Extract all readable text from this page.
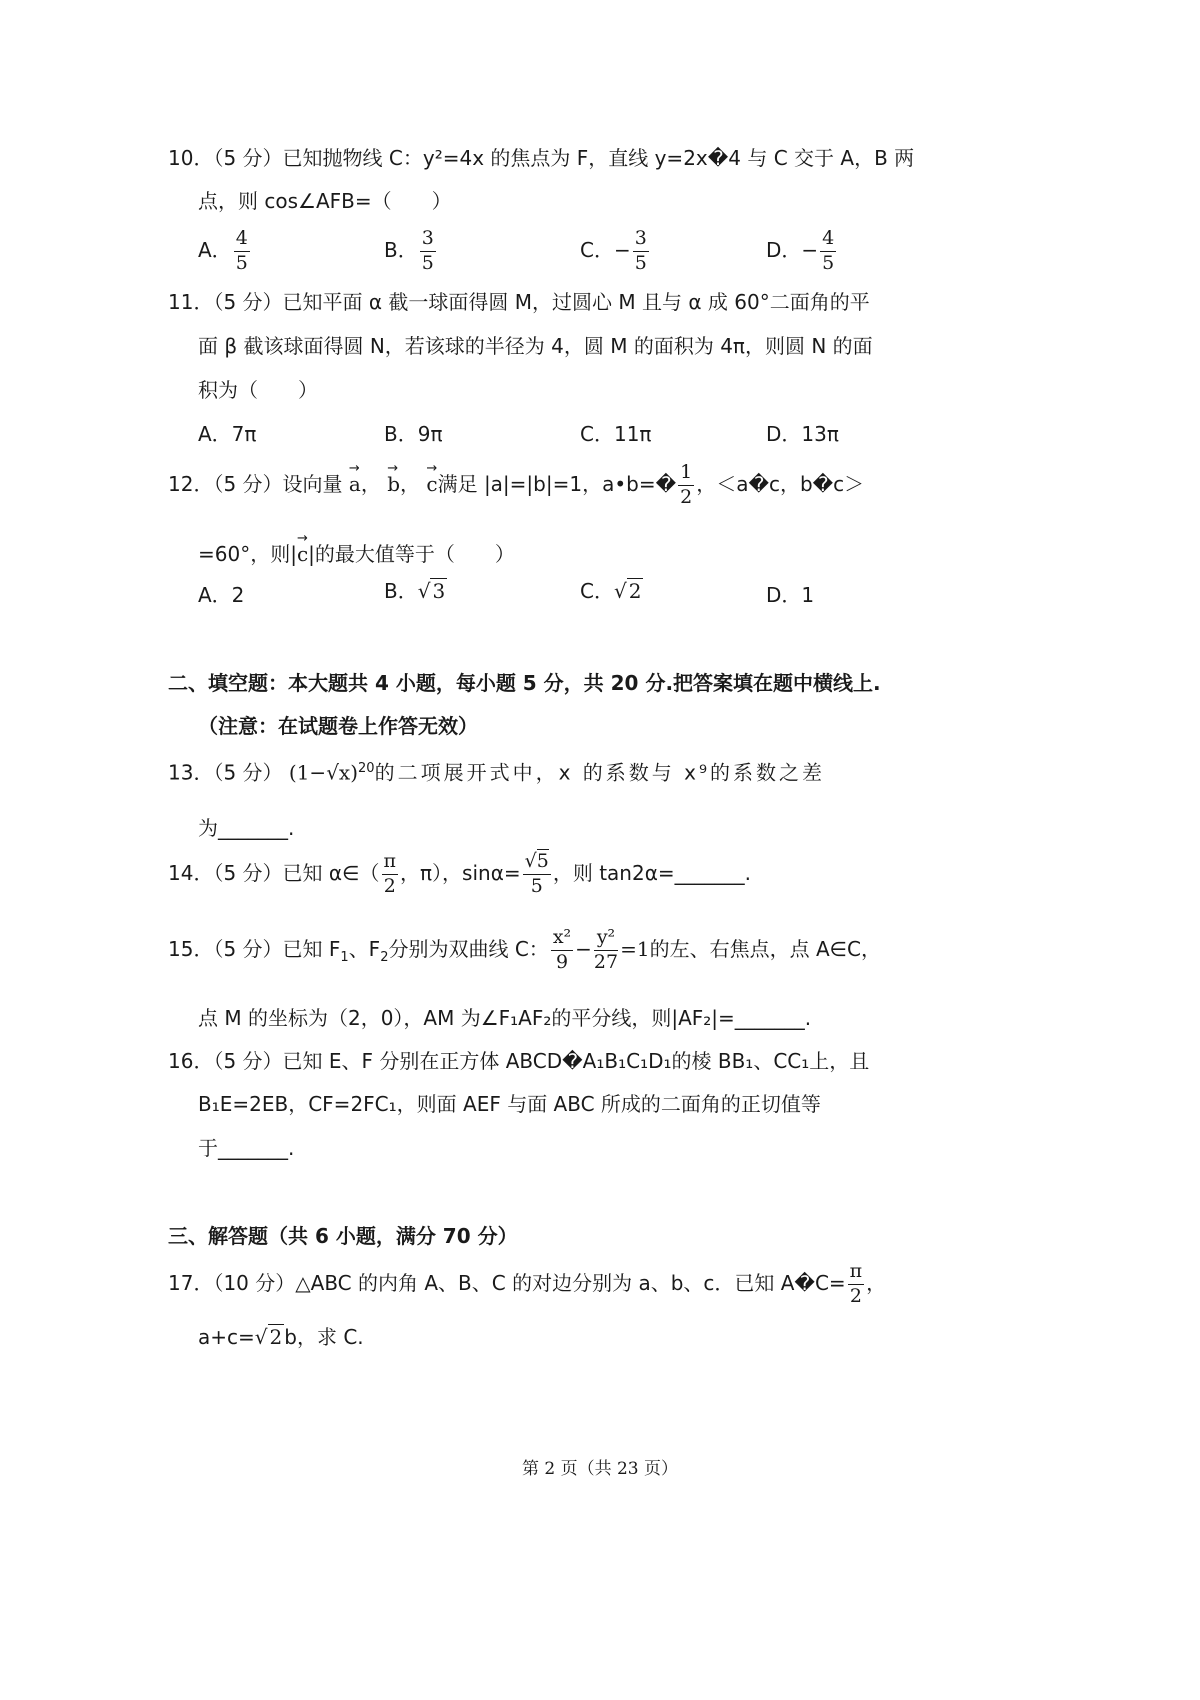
10．（5 分）已知抛物线 C：y²=4x 的焦点为 F，直线 y=2x�4 与 C 交于 A，B 两
点，则 cos∠AFB=（　　）
A． $\frac{4}{5}$	B． $\frac{3}{5}$	C．− $\frac{3}{5}$	D．− $\frac{4}{5}$
11．（5 分）已知平面 α 截一球面得圆 M，过圆心 M 且与 α 成 60°二面角的平
面 β 截该球面得圆 N，若该球的半径为 4，圆 M 的面积为 4π，则圆 N 的面
积为（　　）
A．7π	B．9π	C．11π	D．13π
12．（5 分）设向量
→
a，
→
b，
→
c满足 |a|=|b|=1，a•b=� $\frac{1}{2}$ ，＜a�c，b�c＞
=60°，则|
→
c|的最大值等于（　　）
A．2	B．√ 3	C．√ 2	D．1
二、填空题：本大题共 4 小题，每小题 5 分，共 20 分.把答案填在题中横线上.
（注意：在试题卷上作答无效）
13．（5 分） $(1-√x)^{20}$的二项展开式中，x 的系数与 x⁹的系数之差
为_______.
14．（5 分）已知 α∈（ $\frac{\pi}{2}$ ，π），$\sin\alpha= \frac{√5}{5}$ ，则 tan2α=_______.
15．（5 分）已知 $F_1$、$F_2$分别为双曲线 C： $\frac{\text{x²}}{9} - \frac{\text{y²}}{27} =1$的左、右焦点，点 A∈C，
点 M 的坐标为（2，0），AM 为∠F₁AF₂的平分线，则|AF₂|=_______.
16．（5 分）已知 E、F 分别在正方体 ABCD�A₁B₁C₁D₁的棱 BB₁、CC₁上，且
B₁E=2EB，CF=2FC₁，则面 AEF 与面 ABC 所成的二面角的正切值等
于_______.
三、解答题（共 6 小题，满分 70 分）
17．（10 分）△ABC 的内角 A、B、C 的对边分别为 a、b、c．已知 A�C= $\frac{\pi}{2}$ ，
a+c=√ 2 b，求 C.
第 2 页（共 23 页）
